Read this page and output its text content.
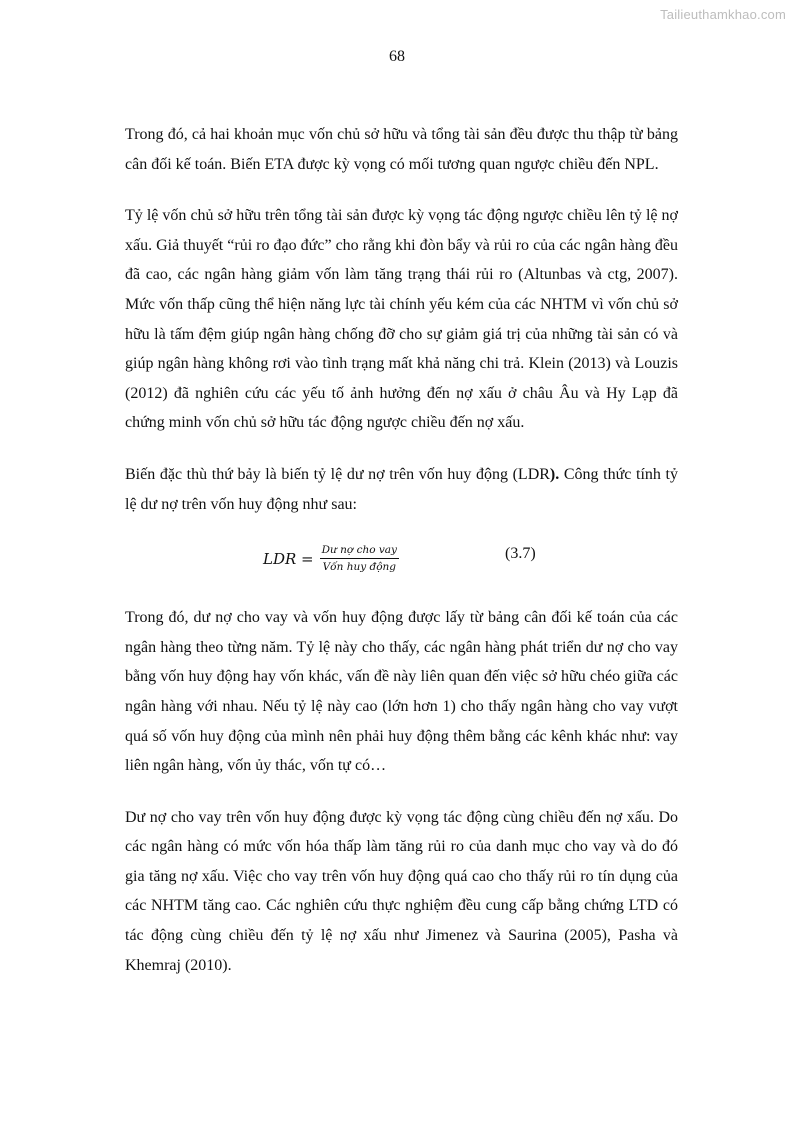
Tailieuthamkhao.com
68

Trong đó, cả hai khoản mục vốn chủ sở hữu và tổng tài sản đều được thu thập từ bảng cân đối kế toán. Biến ETA được kỳ vọng có mối tương quan ngược chiều đến NPL.

Tỷ lệ vốn chủ sở hữu trên tổng tài sản được kỳ vọng tác động ngược chiều lên tỷ lệ nợ xấu. Giả thuyết “rủi ro đạo đức” cho rằng khi đòn bẩy và rủi ro của các ngân hàng đều đã cao, các ngân hàng giảm vốn làm tăng trạng thái rủi ro (Altunbas và ctg, 2007). Mức vốn thấp cũng thể hiện năng lực tài chính yếu kém của các NHTM vì vốn chủ sở hữu là tấm đệm giúp ngân hàng chống đỡ cho sự giảm giá trị của những tài sản có và giúp ngân hàng không rơi vào tình trạng mất khả năng chi trả. Klein (2013) và Louzis (2012) đã nghiên cứu các yếu tố ảnh hưởng đến nợ xấu ở châu Âu và Hy Lạp đã chứng minh vốn chủ sở hữu tác động ngược chiều đến nợ xấu.

Biến đặc thù thứ bảy là biến tỷ lệ dư nợ trên vốn huy động (LDR). Công thức tính tỷ lệ dư nợ trên vốn huy động như sau:

LDR = $\frac{\text{Dư nợ cho vay}}{\text{Vốn huy động}}$	(3.7)

Trong đó, dư nợ cho vay và vốn huy động được lấy từ bảng cân đối kế toán của các ngân hàng theo từng năm. Tỷ lệ này cho thấy, các ngân hàng phát triển dư nợ cho vay bằng vốn huy động hay vốn khác, vấn đề này liên quan đến việc sở hữu chéo giữa các ngân hàng với nhau. Nếu tỷ lệ này cao (lớn hơn 1) cho thấy ngân hàng cho vay vượt quá số vốn huy động của mình nên phải huy động thêm bằng các kênh khác như: vay liên ngân hàng, vốn ủy thác, vốn tự có…

Dư nợ cho vay trên vốn huy động được kỳ vọng tác động cùng chiều đến nợ xấu. Do các ngân hàng có mức vốn hóa thấp làm tăng rủi ro của danh mục cho vay và do đó gia tăng nợ xấu. Việc cho vay trên vốn huy động quá cao cho thấy rủi ro tín dụng của các NHTM tăng cao. Các nghiên cứu thực nghiệm đều cung cấp bằng chứng LTD có tác động cùng chiều đến tỷ lệ nợ xấu như Jimenez và Saurina (2005), Pasha và Khemraj (2010).
